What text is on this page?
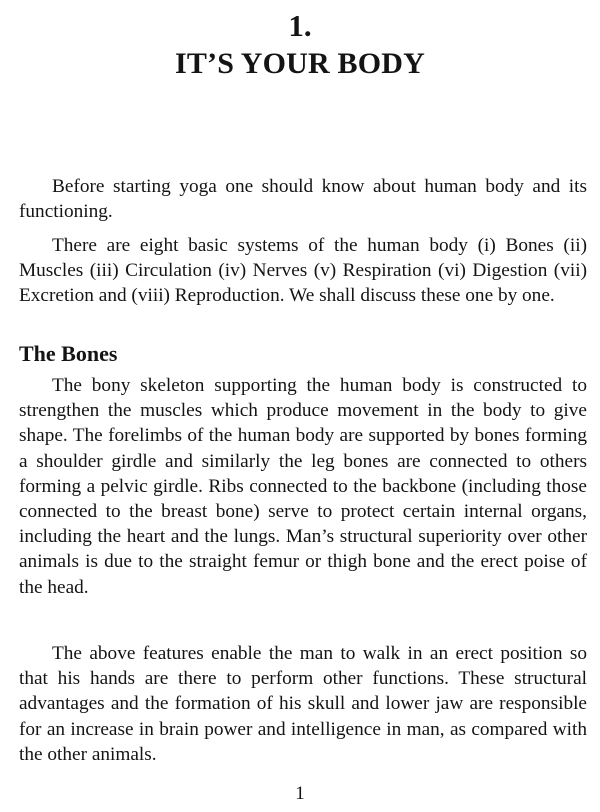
1.
IT’S YOUR BODY

Before starting yoga one should know about human body and its functioning.

There are eight basic systems of the human body (i) Bones (ii) Muscles (iii) Circulation (iv) Nerves (v) Respiration (vi) Digestion (vii) Excretion and (viii) Reproduction. We shall discuss these one by one.

The Bones

The bony skeleton supporting the human body is constructed to strengthen the muscles which produce movement in the body to give shape. The forelimbs of the human body are supported by bones forming a shoulder girdle and similarly the leg bones are connected to others forming a pelvic girdle. Ribs connected to the backbone (including those connected to the breast bone) serve to protect certain internal organs, including the heart and the lungs. Man’s structural superiority over other animals is due to the straight femur or thigh bone and the erect poise of the head.

The above features enable the man to walk in an erect position so that his hands are there to perform other functions. These structural advantages and the formation of his skull and lower jaw are responsible for an increase in brain power and intelligence in man, as compared with the other animals.

1
